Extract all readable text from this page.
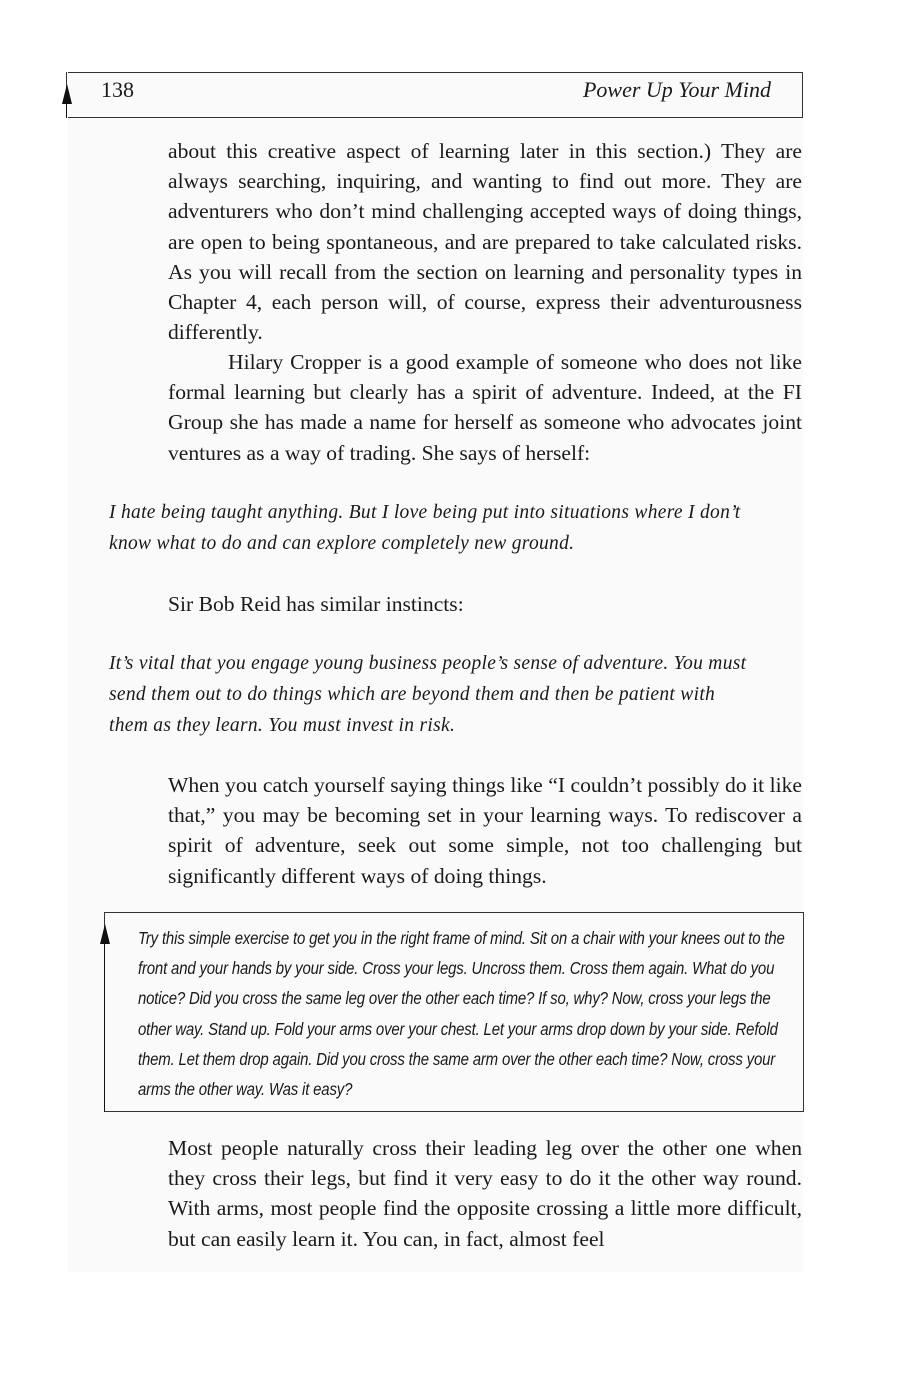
138	Power Up Your Mind

about this creative aspect of learning later in this section.) They are always searching, inquiring, and wanting to find out more. They are adventurers who don’t mind challenging accepted ways of doing things, are open to being spontaneous, and are prepared to take calculated risks. As you will recall from the section on learning and personality types in Chapter 4, each person will, of course, express their adventurousness differently.

Hilary Cropper is a good example of someone who does not like formal learning but clearly has a spirit of adventure. Indeed, at the FI Group she has made a name for herself as someone who advocates joint ventures as a way of trading. She says of herself:

I hate being taught anything. But I love being put into situations where I don’t know what to do and can explore completely new ground.

Sir Bob Reid has similar instincts:

It’s vital that you engage young business people’s sense of adventure. You must send them out to do things which are beyond them and then be patient with them as they learn. You must invest in risk.

When you catch yourself saying things like “I couldn’t possibly do it like that,” you may be becoming set in your learning ways. To rediscover a spirit of adventure, seek out some simple, not too challenging but significantly different ways of doing things.

Try this simple exercise to get you in the right frame of mind. Sit on a chair with your knees out to the front and your hands by your side. Cross your legs. Uncross them. Cross them again. What do you notice? Did you cross the same leg over the other each time? If so, why? Now, cross your legs the other way. Stand up. Fold your arms over your chest. Let your arms drop down by your side. Refold them. Let them drop again. Did you cross the same arm over the other each time? Now, cross your arms the other way. Was it easy?

Most people naturally cross their leading leg over the other one when they cross their legs, but find it very easy to do it the other way round. With arms, most people find the opposite crossing a little more difficult, but can easily learn it. You can, in fact, almost feel
